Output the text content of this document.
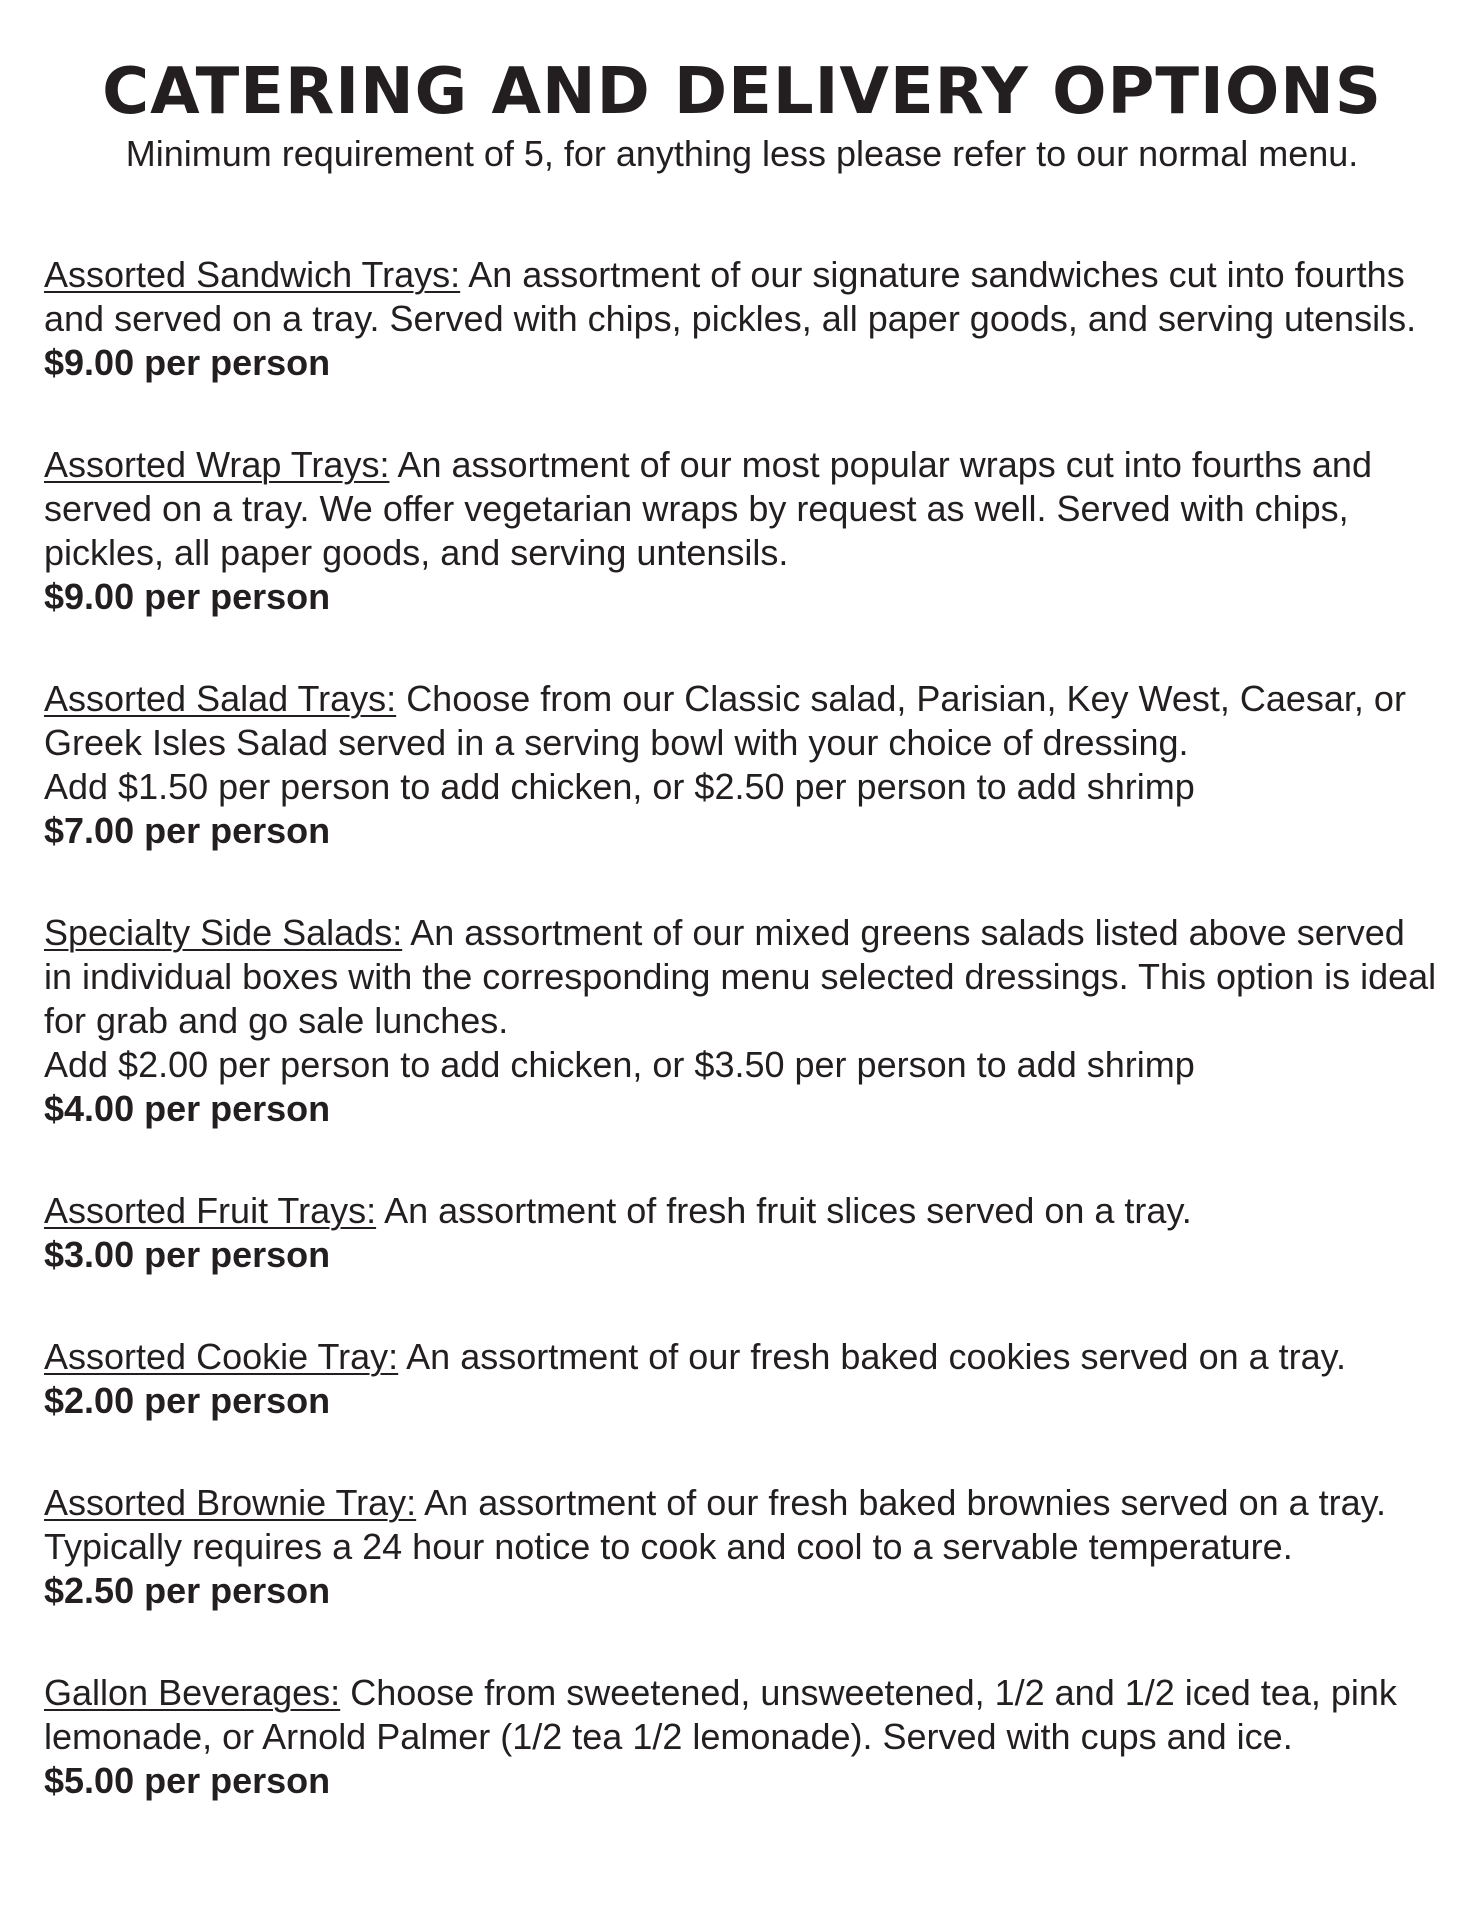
CATERING AND DELIVERY OPTIONS

Minimum requirement of 5, for anything less please refer to our normal menu.

Assorted Sandwich Trays: An assortment of our signature sandwiches cut into fourths and served on a tray. Served with chips, pickles, all paper goods, and serving utensils.

$9.00 per person

Assorted Wrap Trays: An assortment of our most popular wraps cut into fourths and served on a tray. We offer vegetarian wraps by request as well. Served with chips, pickles, all paper goods, and serving untensils.

$9.00 per person

Assorted Salad Trays: Choose from our Classic salad, Parisian, Key West, Caesar, or Greek Isles Salad served in a serving bowl with your choice of dressing.

Add $1.50 per person to add chicken, or $2.50 per person to add shrimp

$7.00 per person

Specialty Side Salads: An assortment of our mixed greens salads listed above served in individual boxes with the corresponding menu selected dressings. This option is ideal for grab and go sale lunches.

Add $2.00 per person to add chicken, or $3.50 per person to add shrimp

$4.00 per person

Assorted Fruit Trays: An assortment of fresh fruit slices served on a tray.

$3.00 per person

Assorted Cookie Tray: An assortment of our fresh baked cookies served on a tray.

$2.00 per person

Assorted Brownie Tray: An assortment of our fresh baked brownies served on a tray. Typically requires a 24 hour notice to cook and cool to a servable temperature.

$2.50 per person

Gallon Beverages: Choose from sweetened, unsweetened, 1/2 and 1/2 iced tea, pink lemonade, or Arnold Palmer (1/2 tea 1/2 lemonade). Served with cups and ice.

$5.00 per person
